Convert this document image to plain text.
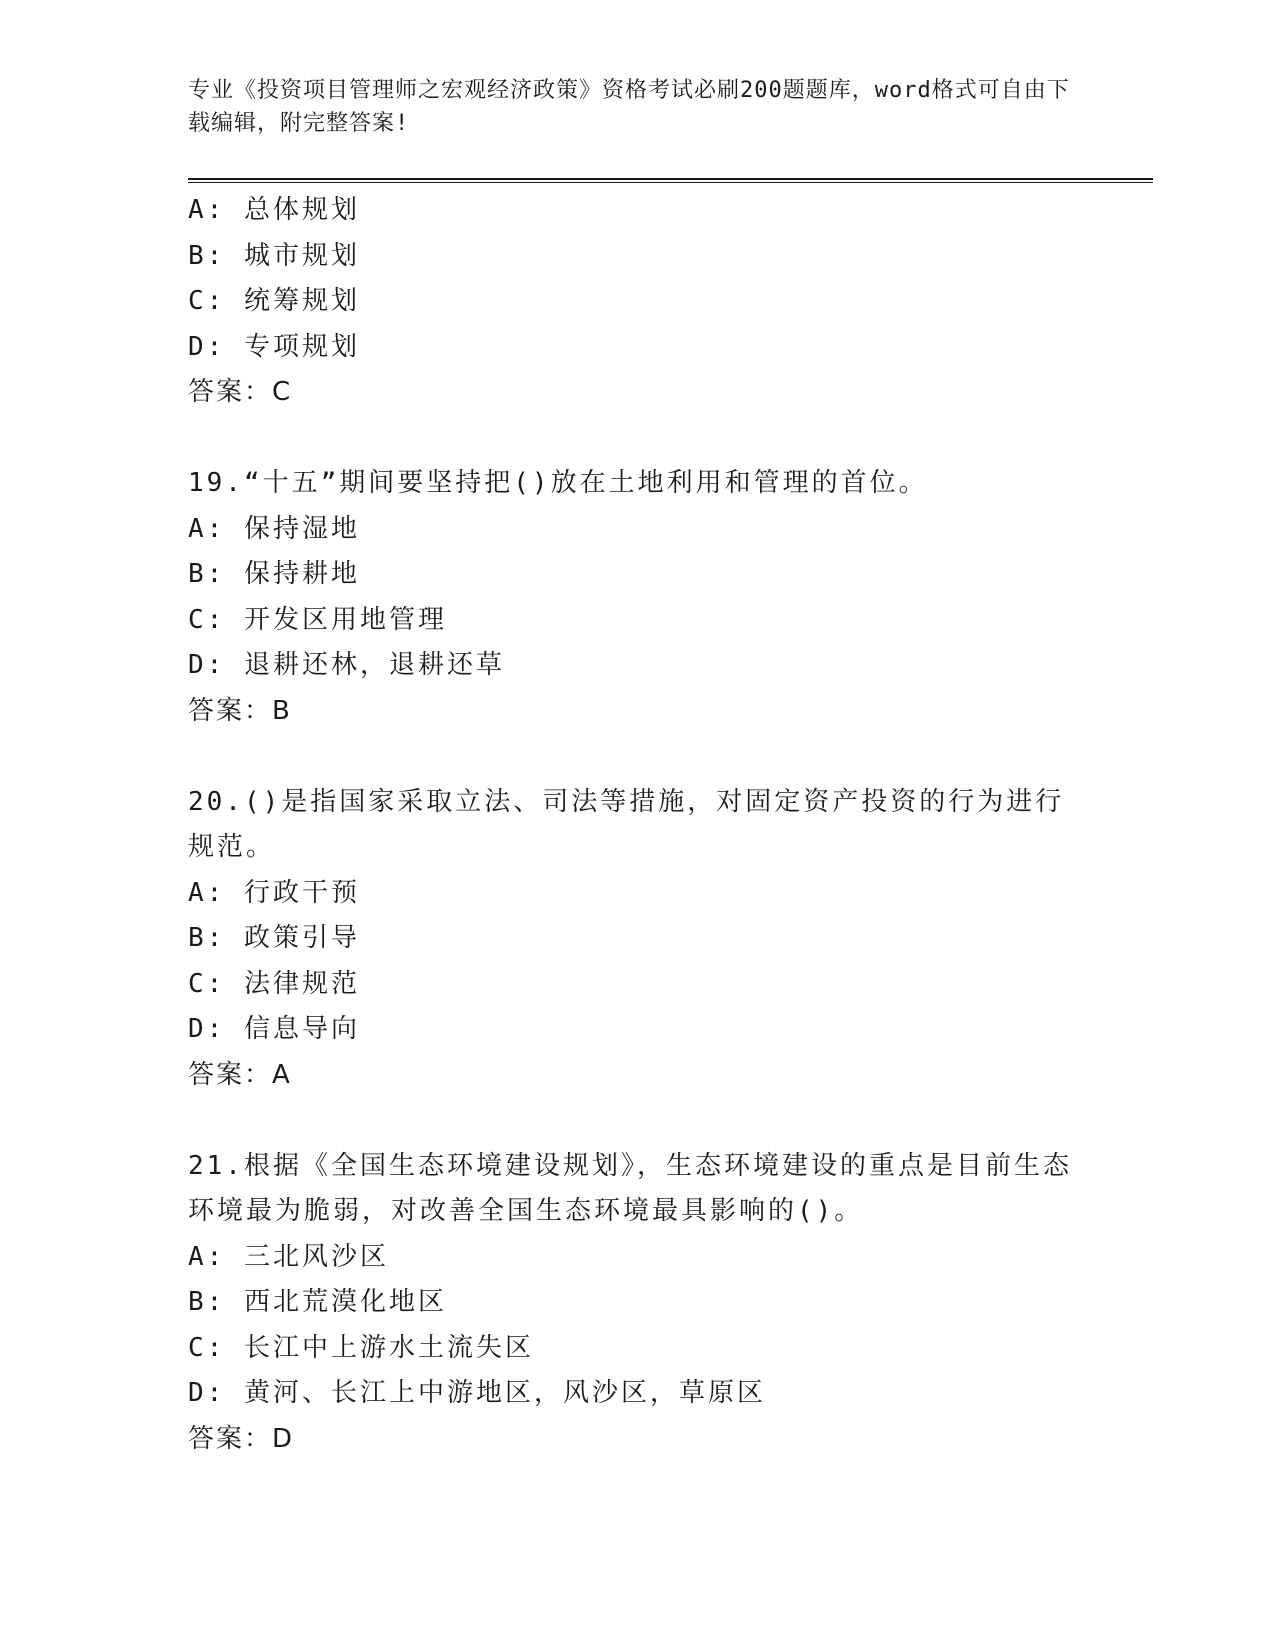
专业《投资项目管理师之宏观经济政策》资格考试必刷200题题库，word格式可自由下载编辑，附完整答案!
A: 总体规划
B: 城市规划
C: 统筹规划
D: 专项规划
答案：C
19.“十五”期间要坚持把()放在土地利用和管理的首位。
A: 保持湿地
B: 保持耕地
C: 开发区用地管理
D: 退耕还林，退耕还草
答案：B
20.()是指国家采取立法、司法等措施，对固定资产投资的行为进行规范。
A: 行政干预
B: 政策引导
C: 法律规范
D: 信息导向
答案：A
21.根据《全国生态环境建设规划》，生态环境建设的重点是目前生态环境最为脆弱，对改善全国生态环境最具影响的()。
A: 三北风沙区
B: 西北荒漠化地区
C: 长江中上游水土流失区
D: 黄河、长江上中游地区，风沙区，草原区
答案：D
